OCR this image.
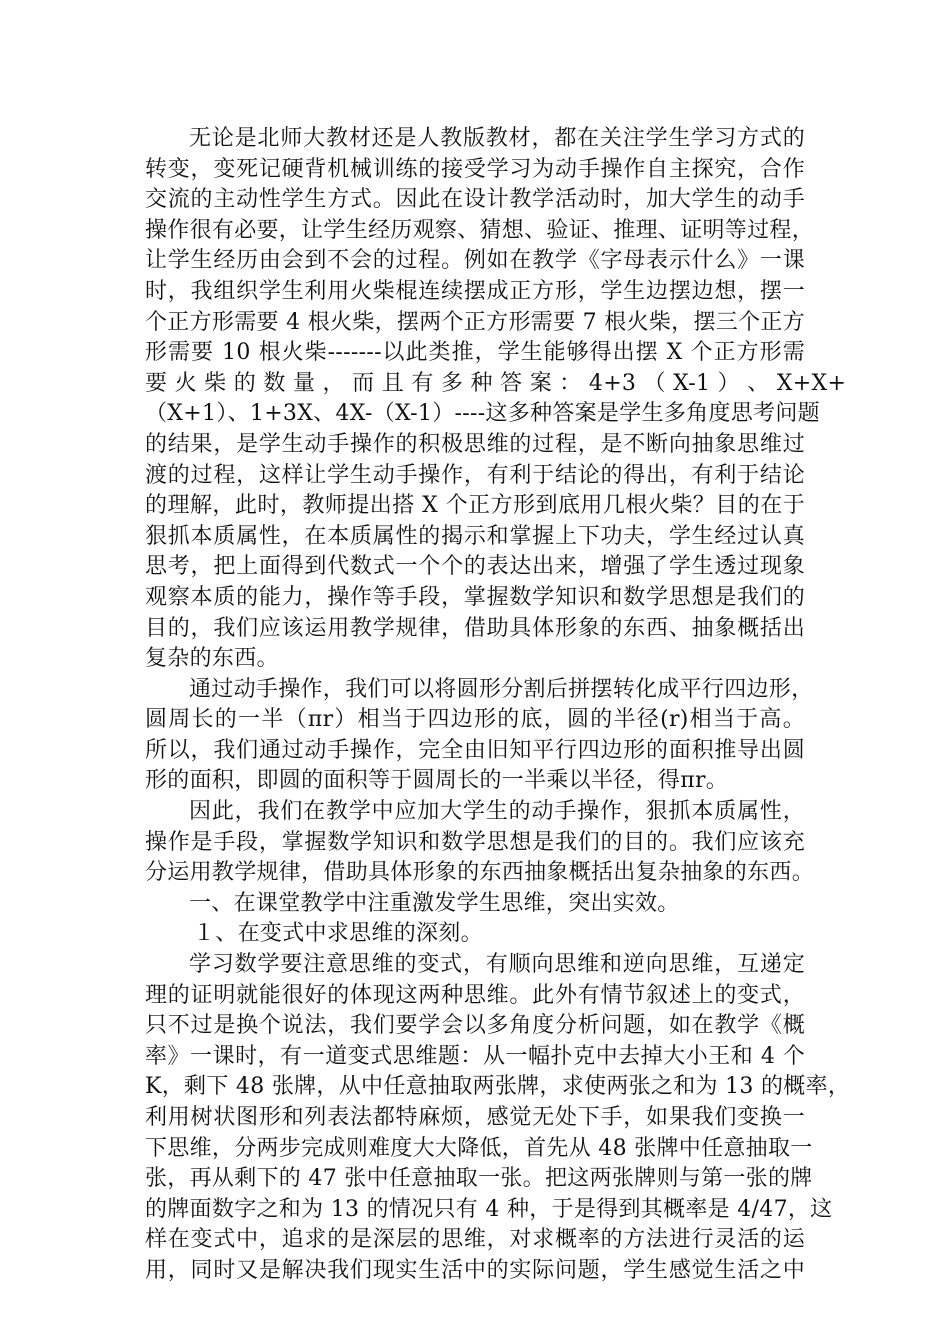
无论是北师大教材还是人教版教材，都在关注学生学习方式的
转变，变死记硬背机械训练的接受学习为动手操作自主探究，合作
交流的主动性学生方式。因此在设计教学活动时，加大学生的动手
操作很有必要，让学生经历观察、猜想、验证、推理、证明等过程，
让学生经历由会到不会的过程。例如在教学《字母表示什么》一课
时，我组织学生利用火柴棍连续摆成正方形，学生边摆边想，摆一
个正方形需要 4 根火柴，摆两个正方形需要 7 根火柴，摆三个正方
形需要 10 根火柴-------以此类推，学生能够得出摆 X 个正方形需
要 火 柴 的 数 量 ， 而 且 有 多 种 答 案 ： 4+3 （ X-1 ） 、 X+X+
（X+1）、1+3X、4X-（X-1）----这多种答案是学生多角度思考问题
的结果，是学生动手操作的积极思维的过程，是不断向抽象思维过
渡的过程，这样让学生动手操作，有利于结论的得出，有利于结论
的理解，此时，教师提出搭 X 个正方形到底用几根火柴？目的在于
狠抓本质属性，在本质属性的揭示和掌握上下功夫，学生经过认真
思考，把上面得到代数式一个个的表达出来，增强了学生透过现象
观察本质的能力，操作等手段，掌握数学知识和数学思想是我们的
目的，我们应该运用教学规律，借助具体形象的东西、抽象概括出
复杂的东西。
通过动手操作，我们可以将圆形分割后拼摆转化成平行四边形，
圆周长的一半（πr）相当于四边形的底，圆的半径(r)相当于高。
所以，我们通过动手操作，完全由旧知平行四边形的面积推导出圆
形的面积，即圆的面积等于圆周长的一半乘以半径，得πr。
因此，我们在教学中应加大学生的动手操作，狠抓本质属性，
操作是手段，掌握数学知识和数学思想是我们的目的。我们应该充
分运用教学规律，借助具体形象的东西抽象概括出复杂抽象的东西。
一、在课堂教学中注重激发学生思维，突出实效。
１、在变式中求思维的深刻。
学习数学要注意思维的变式，有顺向思维和逆向思维，互递定
理的证明就能很好的体现这两种思维。此外有情节叙述上的变式，
只不过是换个说法，我们要学会以多角度分析问题，如在教学《概
率》一课时，有一道变式思维题：从一幅扑克中去掉大小王和 4 个
K，剩下 48 张牌，从中任意抽取两张牌，求使两张之和为 13 的概率，
利用树状图形和列表法都特麻烦，感觉无处下手，如果我们变换一
下思维，分两步完成则难度大大降低，首先从 48 张牌中任意抽取一
张，再从剩下的 47 张中任意抽取一张。把这两张牌则与第一张的牌
的牌面数字之和为 13 的情况只有 4 种，于是得到其概率是 4/47，这
样在变式中，追求的是深层的思维，对求概率的方法进行灵活的运
用，同时又是解决我们现实生活中的实际问题，学生感觉生活之中
